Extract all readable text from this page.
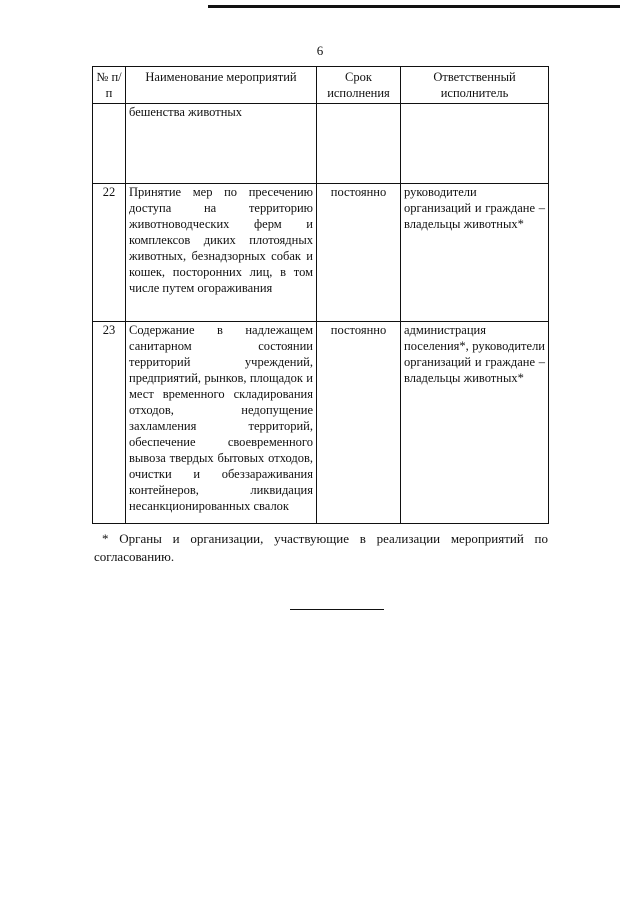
6
№ п/п	Наименование мероприятий	Срок исполнения	Ответственный исполнитель
	бешенства животных		
22	Принятие мер по пресечению доступа на территорию животноводческих ферм и комплексов диких плотоядных животных, безнадзорных собак и кошек, посторонних лиц, в том числе путем огораживания	постоянно	руководители организаций и граждане – владельцы животных*
23	Содержание в надлежащем санитарном состоянии территорий учреждений, предприятий, рынков, площадок и мест временного складирования отходов, недопущение захламления территорий, обеспечение своевременного вывоза твердых бытовых отходов, очистки и обеззараживания контейнеров, ликвидация несанкционированных свалок	постоянно	администрация поселения*, руководители организаций и граждане – владельцы животных*
* Органы и организации, участвующие в реализации мероприятий по согласованию.
